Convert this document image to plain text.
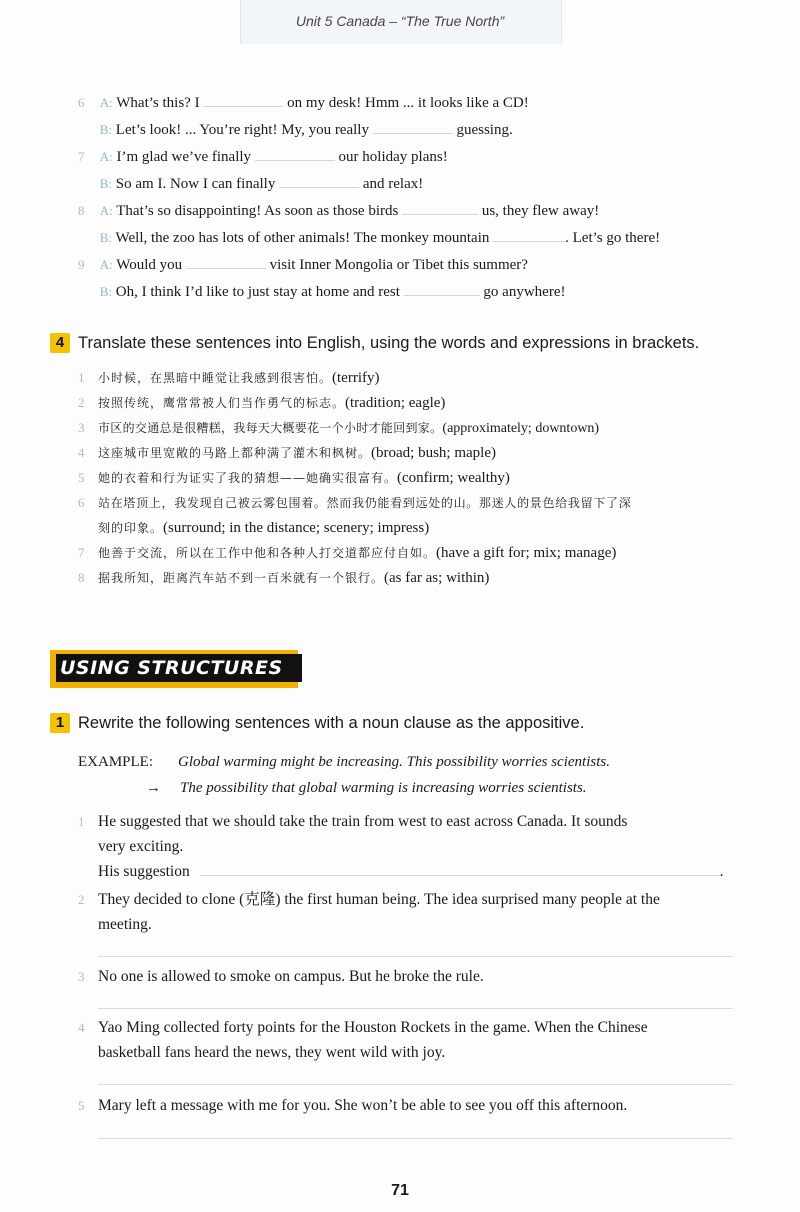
Unit 5 Canada – “The True North”
6 A: What’s this? I	on my desk! Hmm ... it looks like a CD!
B: Let’s look! ... You’re right! My, you really	guessing.
7 A: I’m glad we’ve finally	our holiday plans!
B: So am I. Now I can finally	and relax!
8 A: That’s so disappointing! As soon as those birds	us, they flew away!
B: Well, the zoo has lots of other animals! The monkey mountain	. Let’s go there!
9 A: Would you	visit Inner Mongolia or Tibet this summer?
B: Oh, I think I’d like to just stay at home and rest	go anywhere!
4 Translate these sentences into English, using the words and expressions in brackets.
1 小时候，在黑暗中睡觉让我感到很害怕。(terrify)
2 按照传统，鹰常常被人们当作勇气的标志。(tradition; eagle)
3 市区的交通总是很糟糕，我每天大概要花一个小时才能回到家。(approximately; downtown)
4 这座城市里宽敞的马路上都种满了灌木和枫树。(broad; bush; maple)
5 她的衣着和行为证实了我的猜想——她确实很富有。(confirm; wealthy)
6 站在塔顶上，我发现自己被云雾包围着。然而我仍能看到远处的山。那迷人的景色给我留下了深
刻的印象。(surround; in the distance; scenery; impress)
7 他善于交流，所以在工作中他和各种人打交道都应付自如。(have a gift for; mix; manage)
8 据我所知，距离汽车站不到一百米就有一个银行。(as far as; within)
USING STRUCTURES
1 Rewrite the following sentences with a noun clause as the appositive.
EXAMPLE: Global warming might be increasing. This possibility worries scientists.
→ The possibility that global warming is increasing worries scientists.
1 He suggested that we should take the train from west to east across Canada. It sounds
very exciting.
His suggestion	.
2 They decided to clone (克隆) the first human being. The idea surprised many people at the
meeting.
3 No one is allowed to smoke on campus. But he broke the rule.
4 Yao Ming collected forty points for the Houston Rockets in the game. When the Chinese
basketball fans heard the news, they went wild with joy.
5 Mary left a message with me for you. She won’t be able to see you off this afternoon.
71
